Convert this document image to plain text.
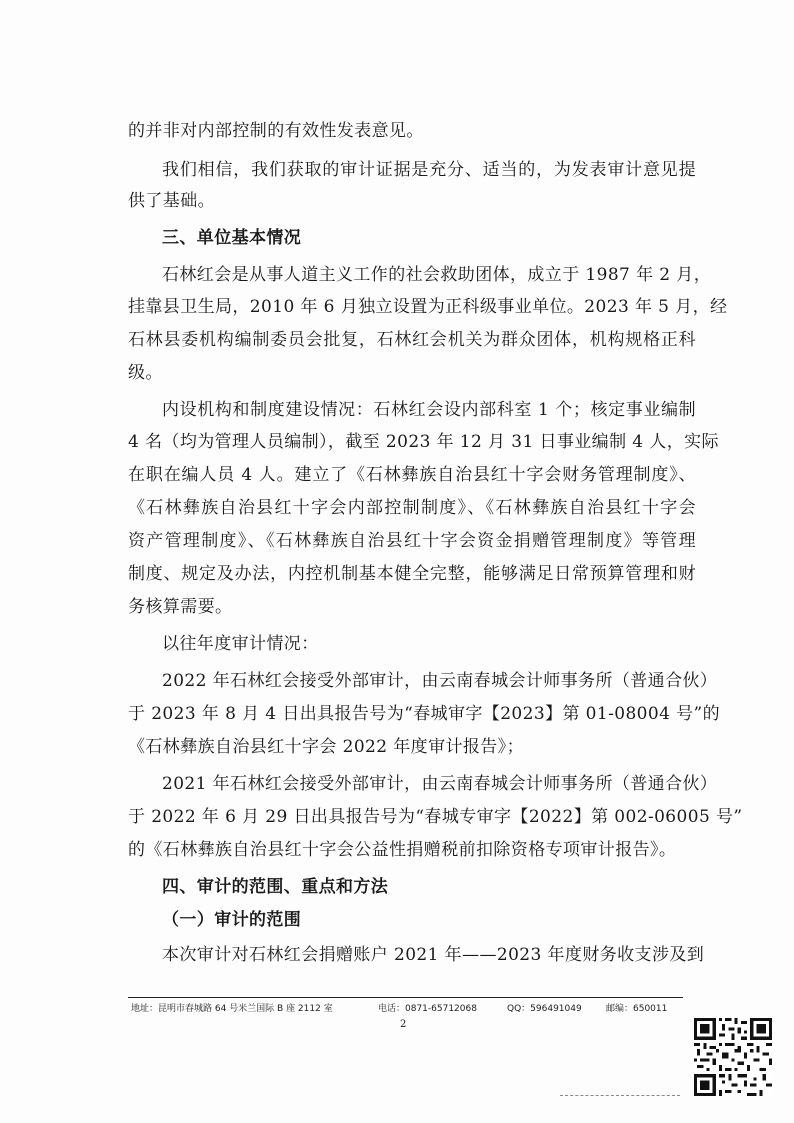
的并非对内部控制的有效性发表意见。
我们相信，我们获取的审计证据是充分、适当的，为发表审计意见提
供了基础。
三、单位基本情况
石林红会是从事人道主义工作的社会救助团体，成立于 1987 年 2 月，
挂靠县卫生局，2010 年 6 月独立设置为正科级事业单位。2023 年 5 月，经
石林县委机构编制委员会批复，石林红会机关为群众团体，机构规格正科
级。
内设机构和制度建设情况：石林红会设内部科室 1 个；核定事业编制
4 名（均为管理人员编制），截至 2023 年 12 月 31 日事业编制 4 人，实际
在职在编人员 4 人。建立了《石林彝族自治县红十字会财务管理制度》、
《石林彝族自治县红十字会内部控制制度》、《石林彝族自治县红十字会
资产管理制度》、《石林彝族自治县红十字会资金捐赠管理制度》等管理
制度、规定及办法，内控机制基本健全完整，能够满足日常预算管理和财
务核算需要。
以往年度审计情况：
2022 年石林红会接受外部审计，由云南春城会计师事务所（普通合伙）
于 2023 年 8 月 4 日出具报告号为“春城审字【2023】第 01-08004 号”的
《石林彝族自治县红十字会 2022 年度审计报告》；
2021 年石林红会接受外部审计，由云南春城会计师事务所（普通合伙）
于 2022 年 6 月 29 日出具报告号为“春城专审字【2022】第 002-06005 号”
的《石林彝族自治县红十字会公益性捐赠税前扣除资格专项审计报告》。
四、审计的范围、重点和方法
（一）审计的范围
本次审计对石林红会捐赠账户 2021 年——2023 年度财务收支涉及到
地址：昆明市春城路 64 号米兰国际 B 座 2112 室	电话：0871-65712068	QQ：596491049	邮编：650011
2
